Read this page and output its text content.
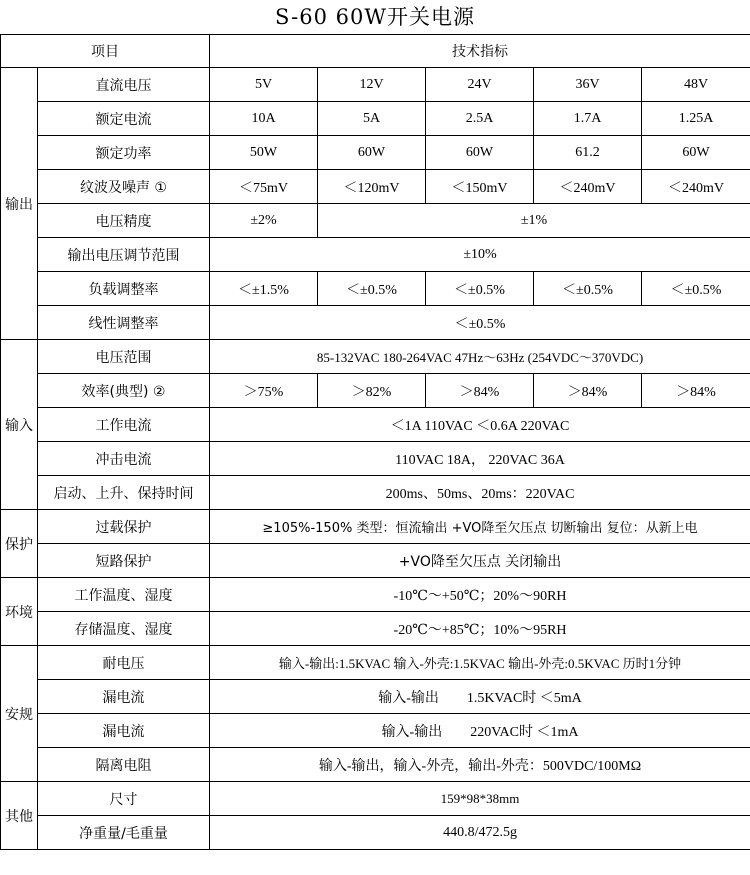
S-60 60W开关电源
项目		技术指标				
输出	直流电压	5V	12V	24V	36V	48V
	额定电流	10A	5A	2.5A	1.7A	1.25A
	额定功率	50W	60W	60W	61.2	60W
	纹波及噪声 ①	＜75mV	＜120mV	＜150mV	＜240mV	＜240mV
	电压精度	±2%	±1%			
	输出电压调节范围	±10%				
	负载调整率	＜±1.5%	＜±0.5%	＜±0.5%	＜±0.5%	＜±0.5%
	线性调整率	＜±0.5%				
输入	电压范围	85-132VAC 180-264VAC 47Hz～63Hz (254VDC～370VDC)				
	效率(典型) ②	＞75%	＞82%	＞84%	＞84%	＞84%
	工作电流	＜1A 110VAC ＜0.6A 220VAC				
	冲击电流	110VAC 18A， 220VAC 36A				
	启动、上升、保持时间	200ms、50ms、20ms：220VAC				
保护	过载保护	≥105%-150% 类型：恒流输出 +VO降至欠压点 切断输出 复位：从新上电				
	短路保护	+VO降至欠压点 关闭输出				
环境	工作温度、湿度	-10℃～+50℃；20%～90RH				
	存储温度、湿度	-20℃～+85℃；10%～95RH				
安规	耐电压	输入-输出:1.5KVAC 输入-外壳:1.5KVAC 输出-外壳:0.5KVAC 历时1分钟				
	漏电流	输入-输出        1.5KVAC时 ＜5mA				
	漏电流	输入-输出        220VAC时 ＜1mA				
	隔离电阻	输入-输出，输入-外壳，输出-外壳：500VDC/100MΩ				
其他	尺寸	159*98*38mm				
	净重量/毛重量	440.8/472.5g				
